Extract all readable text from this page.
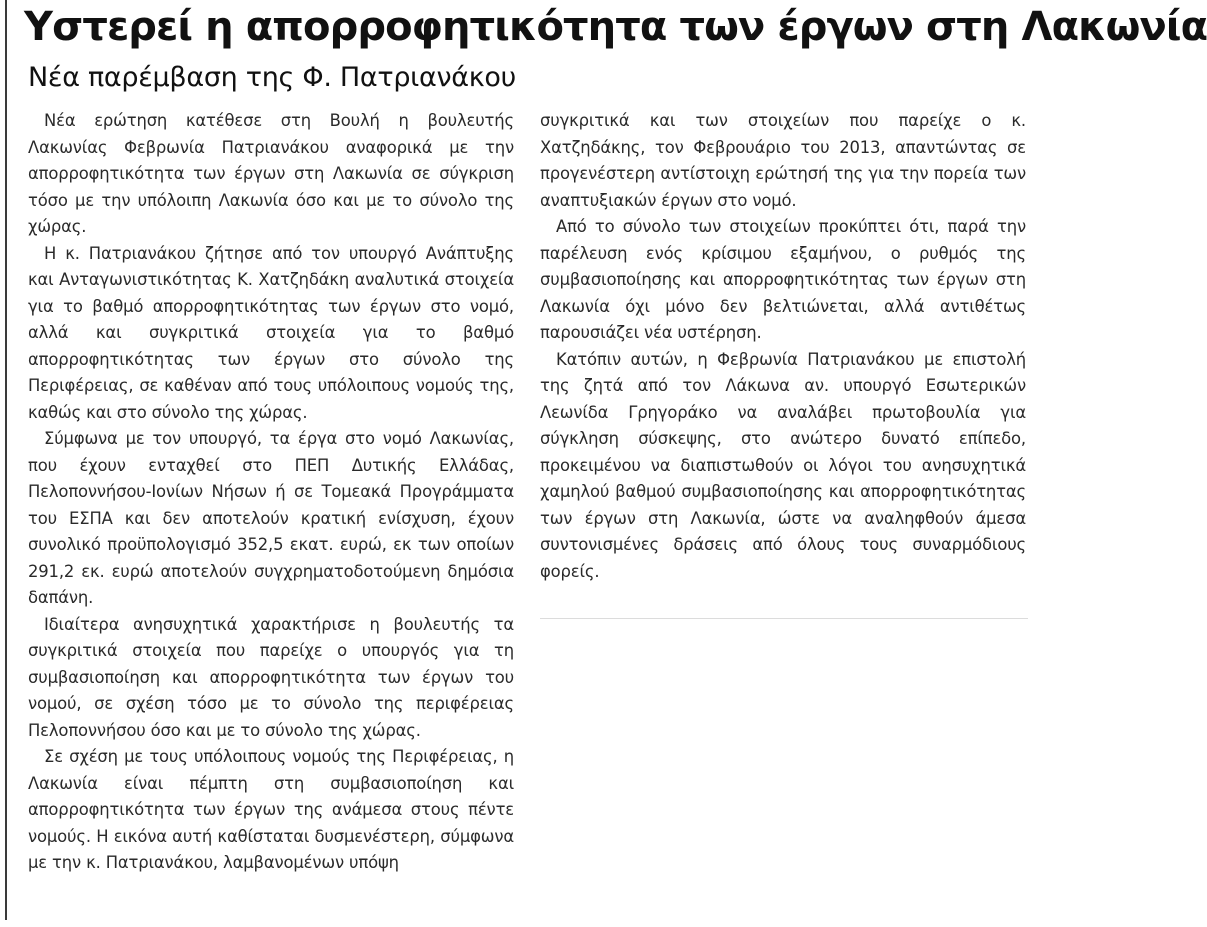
Υστερεί η απορροφητικότητα των έργων στη Λακωνία
Νέα παρέμβαση της Φ. Πατριανάκου

Νέα ερώτηση κατέθεσε στη Βουλή η βουλευτής Λακωνίας Φεβρωνία Πατριανάκου αναφορικά με την απορροφητικότητα των έργων στη Λακωνία σε σύγκριση τόσο με την υπόλοιπη Λακωνία όσο και με το σύνολο της χώρας.

Η κ. Πατριανάκου ζήτησε από τον υπουργό Ανάπτυξης και Ανταγωνιστικότητας Κ. Χατζηδάκη αναλυτικά στοιχεία για το βαθμό απορροφητικότητας των έργων στο νομό, αλλά και συγκριτικά στοιχεία για το βαθμό απορροφητικότητας των έργων στο σύνολο της Περιφέρειας, σε καθέναν από τους υπόλοιπους νομούς της, καθώς και στο σύνολο της χώρας.

Σύμφωνα με τον υπουργό, τα έργα στο νομό Λακωνίας, που έχουν ενταχθεί στο ΠΕΠ Δυτικής Ελλάδας, Πελοποννήσου-Ιονίων Νήσων ή σε Τομεακά Προγράμματα του ΕΣΠΑ και δεν αποτελούν κρατική ενίσχυση, έχουν συνολικό προϋπολογισμό 352,5 εκατ. ευρώ, εκ των οποίων 291,2 εκ. ευρώ αποτελούν συγχρηματοδοτούμενη δημόσια δαπάνη.

Ιδιαίτερα ανησυχητικά χαρακτήρισε η βουλευτής τα συγκριτικά στοιχεία που παρείχε ο υπουργός για τη συμβασιοποίηση και απορροφητικότητα των έργων του νομού, σε σχέση τόσο με το σύνολο της περιφέρειας Πελοποννήσου όσο και με το σύνολο της χώρας.

Σε σχέση με τους υπόλοιπους νομούς της Περιφέρειας, η Λακωνία είναι πέμπτη στη συμβασιοποίηση και απορροφητικότητα των έργων της ανάμεσα στους πέντε νομούς. Η εικόνα αυτή καθίσταται δυσμενέστερη, σύμφωνα με την κ. Πατριανάκου, λαμβανομένων υπόψη

συγκριτικά και των στοιχείων που παρείχε ο κ. Χατζηδάκης, τον Φεβρουάριο του 2013, απαντώντας σε προγενέστερη αντίστοιχη ερώτησή της για την πορεία των αναπτυξιακών έργων στο νομό.

Από το σύνολο των στοιχείων προκύπτει ότι, παρά την παρέλευση ενός κρίσιμου εξαμήνου, ο ρυθμός της συμβασιοποίησης και απορροφητικότητας των έργων στη Λακωνία όχι μόνο δεν βελτιώνεται, αλλά αντιθέτως παρουσιάζει νέα υστέρηση.

Κατόπιν αυτών, η Φεβρωνία Πατριανάκου με επιστολή της ζητά από τον Λάκωνα αν. υπουργό Εσωτερικών Λεωνίδα Γρηγοράκο να αναλάβει πρωτοβουλία για σύγκληση σύσκεψης, στο ανώτερο δυνατό επίπεδο, προκειμένου να διαπιστωθούν οι λόγοι του ανησυχητικά χαμηλού βαθμού συμβασιοποίησης και απορροφητικότητας των έργων στη Λακωνία, ώστε να αναληφθούν άμεσα συντονισμένες δράσεις από όλους τους συναρμόδιους φορείς.
